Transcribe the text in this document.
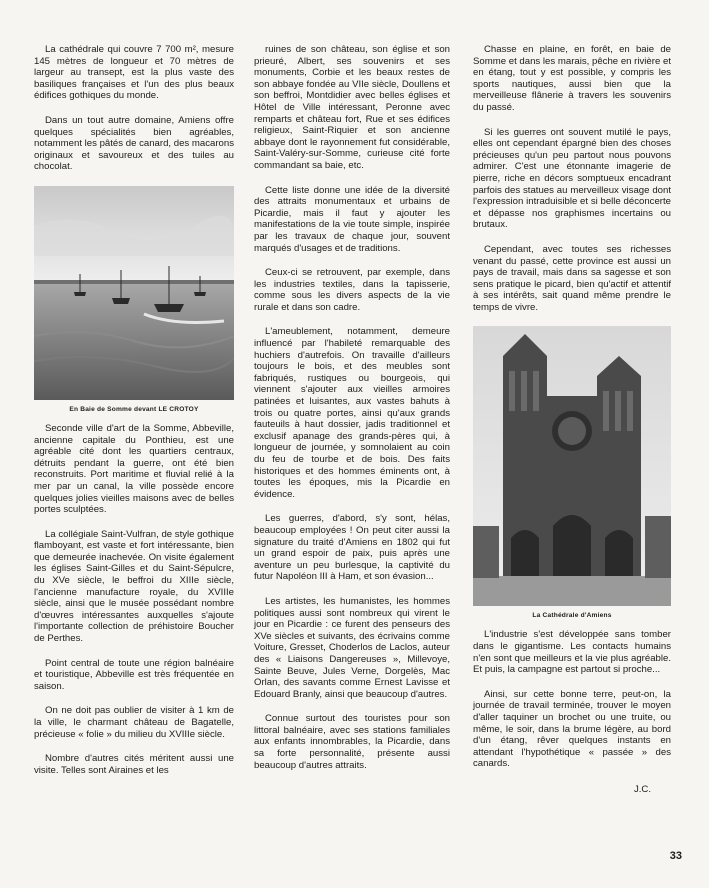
La cathédrale qui couvre 7 700 m², mesure 145 mètres de longueur et 70 mètres de largeur au transept, est la plus vaste des basiliques françaises et l'un des plus beaux édifices gothiques du monde.

Dans un tout autre domaine, Amiens offre quelques spécialités bien agréables, notamment les pâtés de canard, des macarons originaux et savoureux et des tuiles au chocolat.

En Baie de Somme devant LE CROTOY

Seconde ville d'art de la Somme, Abbeville, ancienne capitale du Ponthieu, est une agréable cité dont les quartiers centraux, détruits pendant la guerre, ont été bien reconstruits. Port maritime et fluvial relié à la mer par un canal, la ville possède encore quelques jolies vieilles maisons avec de belles portes sculptées.

La collégiale Saint-Vulfran, de style gothique flamboyant, est vaste et fort intéressante, bien que demeurée inachevée. On visite également les églises Saint-Gilles et du Saint-Sépulcre, du XVe siècle, le beffroi du XIIIe siècle, l'ancienne manufacture royale, du XVIIIe siècle, ainsi que le musée possédant nombre d'œuvres intéressantes auxquelles s'ajoute l'importante collection de préhistoire Boucher de Perthes.

Point central de toute une région balnéaire et touristique, Abbeville est très fréquentée en saison.

On ne doit pas oublier de visiter à 1 km de la ville, le charmant château de Bagatelle, précieuse « folie » du milieu du XVIIIe siècle.

Nombre d'autres cités méritent aussi une visite. Telles sont Airaines et les

ruines de son château, son église et son prieuré, Albert, ses souvenirs et ses monuments, Corbie et les beaux restes de son abbaye fondée au VIIe siècle, Doullens et son beffroi, Montdidier avec belles églises et Hôtel de Ville intéressant, Peronne avec remparts et château fort, Rue et ses édifices religieux, Saint-Riquier et son ancienne abbaye dont le rayonnement fut considérable, Saint-Valéry-sur-Somme, curieuse cité forte commandant sa baie, etc.

Cette liste donne une idée de la diversité des attraits monumentaux et urbains de Picardie, mais il faut y ajouter les manifestations de la vie toute simple, inspirée par les travaux de chaque jour, souvent marqués d'usages et de traditions.

Ceux-ci se retrouvent, par exemple, dans les industries textiles, dans la tapisserie, comme sous les divers aspects de la vie rurale et dans son cadre.

L'ameublement, notamment, demeure influencé par l'habileté remarquable des huchiers d'autrefois. On travaille d'ailleurs toujours le bois, et des meubles sont fabriqués, rustiques ou bourgeois, qui viennent s'ajouter aux vieilles armoires patinées et luisantes, aux vastes bahuts à trois ou quatre portes, ainsi qu'aux grands fauteuils à haut dossier, jadis traditionnel et exclusif apanage des grands-pères qui, à longueur de journée, y somnolaient au coin du feu de tourbe et de bois. Des faits historiques et des hommes éminents ont, à toutes les époques, mis la Picardie en évidence.

Les guerres, d'abord, s'y sont, hélas, beaucoup employées ! On peut citer aussi la signature du traité d'Amiens en 1802 qui fut un grand espoir de paix, puis après une aventure un peu burlesque, la captivité du futur Napoléon III à Ham, et son évasion...

Les artistes, les humanistes, les hommes politiques aussi sont nombreux qui virent le jour en Picardie : ce furent des penseurs des XVe siècles et suivants, des écrivains comme Voiture, Gresset, Choderlos de Laclos, auteur des « Liaisons Dangereuses », Millevoye, Sainte Beuve, Jules Verne, Dorgelès, Mac Orlan, des savants comme Ernest Lavisse et Edouard Branly, ainsi que beaucoup d'autres.

Connue surtout des touristes pour son littoral balnéaire, avec ses stations familiales aux enfants innombrables, la Picardie, dans sa forte personnalité, présente aussi beaucoup d'autres attraits.

Chasse en plaine, en forêt, en baie de Somme et dans les marais, pêche en rivière et en étang, tout y est possible, y compris les sports nautiques, aussi bien que la merveilleuse flânerie à travers les souvenirs du passé.

Si les guerres ont souvent mutilé le pays, elles ont cependant épargné bien des choses précieuses qu'un peu partout nous pouvons admirer. C'est une étonnante imagerie de pierre, riche en décors somptueux encadrant parfois des statues au merveilleux visage dont l'expression intraduisible et si belle déconcerte et dépasse nos graphismes incertains ou brutaux.

Cependant, avec toutes ses richesses venant du passé, cette province est aussi un pays de travail, mais dans sa sagesse et son sens pratique le picard, bien qu'actif et attentif à ses intérêts, sait quand même prendre le temps de vivre.

La Cathédrale d'Amiens

L'industrie s'est développée sans tomber dans le gigantisme. Les contacts humains n'en sont que meilleurs et la vie plus agréable. Et puis, la campagne est partout si proche...

Ainsi, sur cette bonne terre, peut-on, la journée de travail terminée, trouver le moyen d'aller taquiner un brochet ou une truite, ou même, le soir, dans la brume légère, au bord d'un étang, rêver quelques instants en attendant l'hypothétique « passée » des canards.

J.C.

33
